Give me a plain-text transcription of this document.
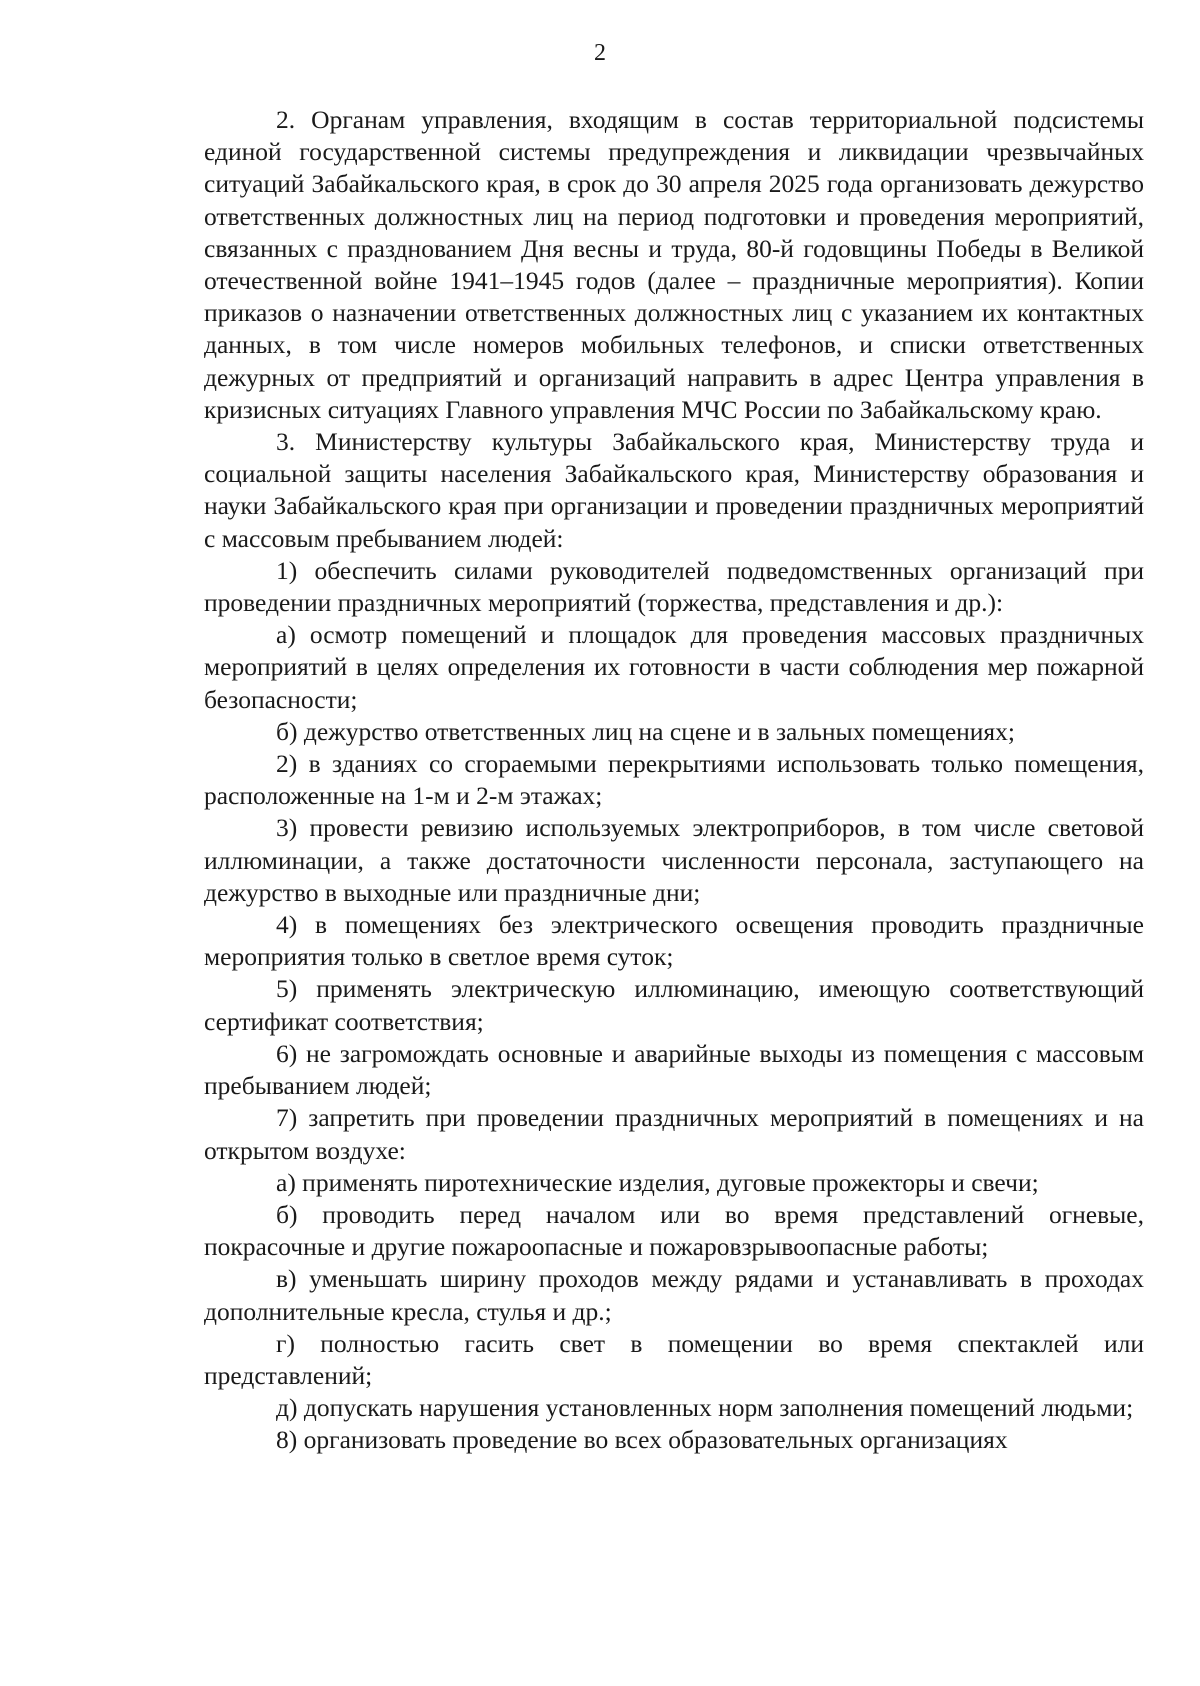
2

2. Органам управления, входящим в состав территориальной подсистемы единой государственной системы предупреждения и ликвидации чрезвычайных ситуаций Забайкальского края, в срок до 30 апреля 2025 года организовать дежурство ответственных должностных лиц на период подготовки и проведения мероприятий, связанных с празднованием Дня весны и труда, 80-й годовщины Победы в Великой отечественной войне 1941–1945 годов (далее – праздничные мероприятия). Копии приказов о назначении ответственных должностных лиц с указанием их контактных данных, в том числе номеров мобильных телефонов, и списки ответственных дежурных от предприятий и организаций направить в адрес Центра управления в кризисных ситуациях Главного управления МЧС России по Забайкальскому краю.

3. Министерству культуры Забайкальского края, Министерству труда и социальной защиты населения Забайкальского края, Министерству образования и науки Забайкальского края при организации и проведении праздничных мероприятий с массовым пребыванием людей:

1) обеспечить силами руководителей подведомственных организаций при проведении праздничных мероприятий (торжества, представления и др.):

а) осмотр помещений и площадок для проведения массовых праздничных мероприятий в целях определения их готовности в части соблюдения мер пожарной безопасности;

б) дежурство ответственных лиц на сцене и в зальных помещениях;

2) в зданиях со сгораемыми перекрытиями использовать только помещения, расположенные на 1-м и 2-м этажах;

3) провести ревизию используемых электроприборов, в том числе световой иллюминации, а также достаточности численности персонала, заступающего на дежурство в выходные или праздничные дни;

4) в помещениях без электрического освещения проводить праздничные мероприятия только в светлое время суток;

5) применять электрическую иллюминацию, имеющую соответствующий сертификат соответствия;

6) не загромождать основные и аварийные выходы из помещения с массовым пребыванием людей;

7) запретить при проведении праздничных мероприятий в помещениях и на открытом воздухе:

а) применять пиротехнические изделия, дуговые прожекторы и свечи;

б) проводить перед началом или во время представлений огневые, покрасочные и другие пожароопасные и пожаровзрывоопасные работы;

в) уменьшать ширину проходов между рядами и устанавливать в проходах дополнительные кресла, стулья и др.;

г) полностью гасить свет в помещении во время спектаклей или представлений;

д) допускать нарушения установленных норм заполнения помещений людьми;

8) организовать проведение во всех образовательных организациях
